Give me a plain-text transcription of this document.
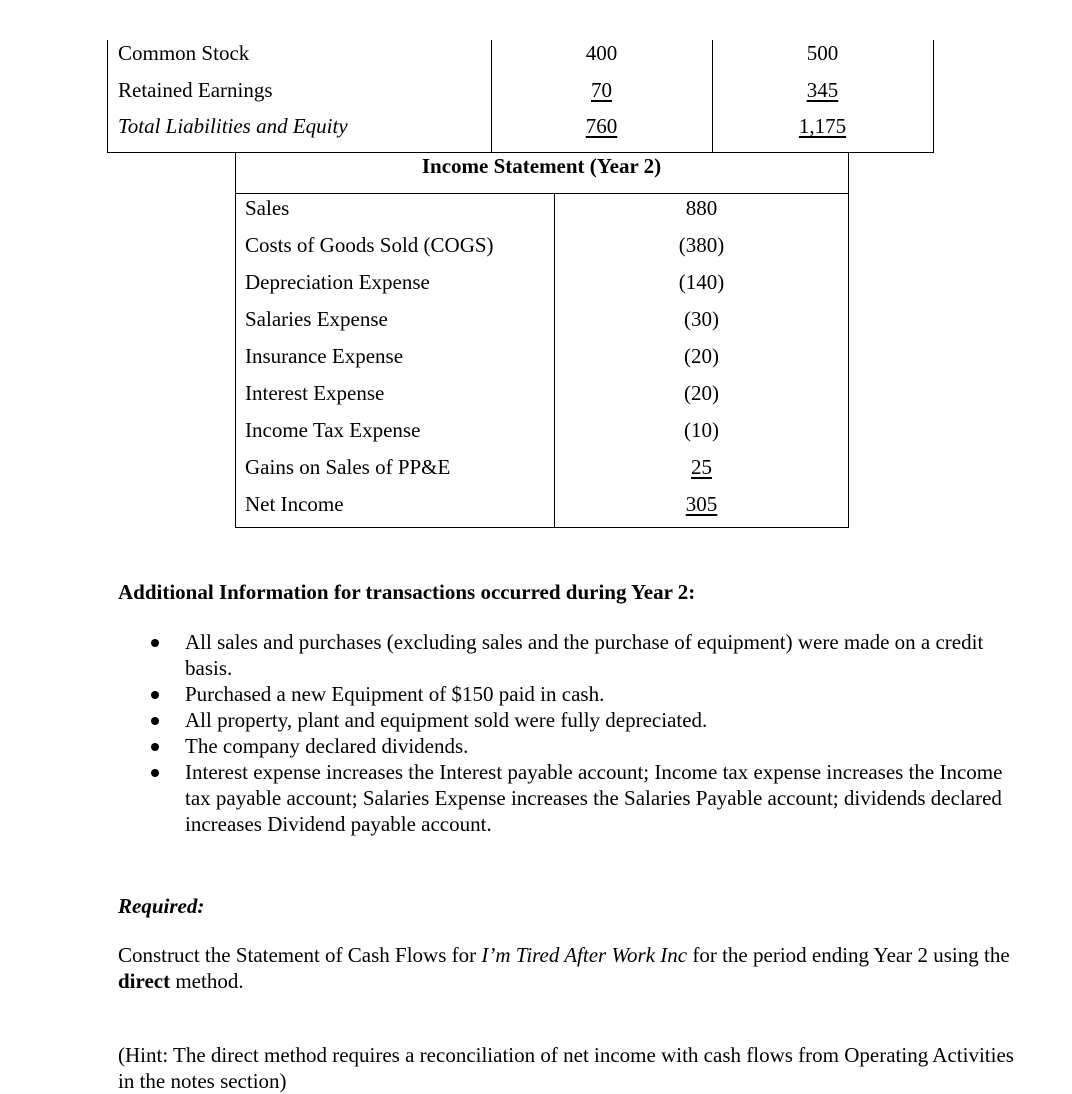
Common Stock	400	500
Retained Earnings	70	345
Total Liabilities and Equity	760	1,175
Income Statement (Year 2)
Sales	880
Costs of Goods Sold (COGS)	(380)
Depreciation Expense	(140)
Salaries Expense	(30)
Insurance Expense	(20)
Interest Expense	(20)
Income Tax Expense	(10)
Gains on Sales of PP&E	25
Net Income	305
Additional Information for transactions occurred during Year 2:
All sales and purchases (excluding sales and the purchase of equipment) were made on a credit basis.
Purchased a new Equipment of $150 paid in cash.
All property, plant and equipment sold were fully depreciated.
The company declared dividends.
Interest expense increases the Interest payable account; Income tax expense increases the Income tax payable account; Salaries Expense increases the Salaries Payable account; dividends declared increases Dividend payable account.
Required:
Construct the Statement of Cash Flows for I’m Tired After Work Inc for the period ending Year 2 using the direct method.
(Hint: The direct method requires a reconciliation of net income with cash flows from Operating Activities in the notes section)
